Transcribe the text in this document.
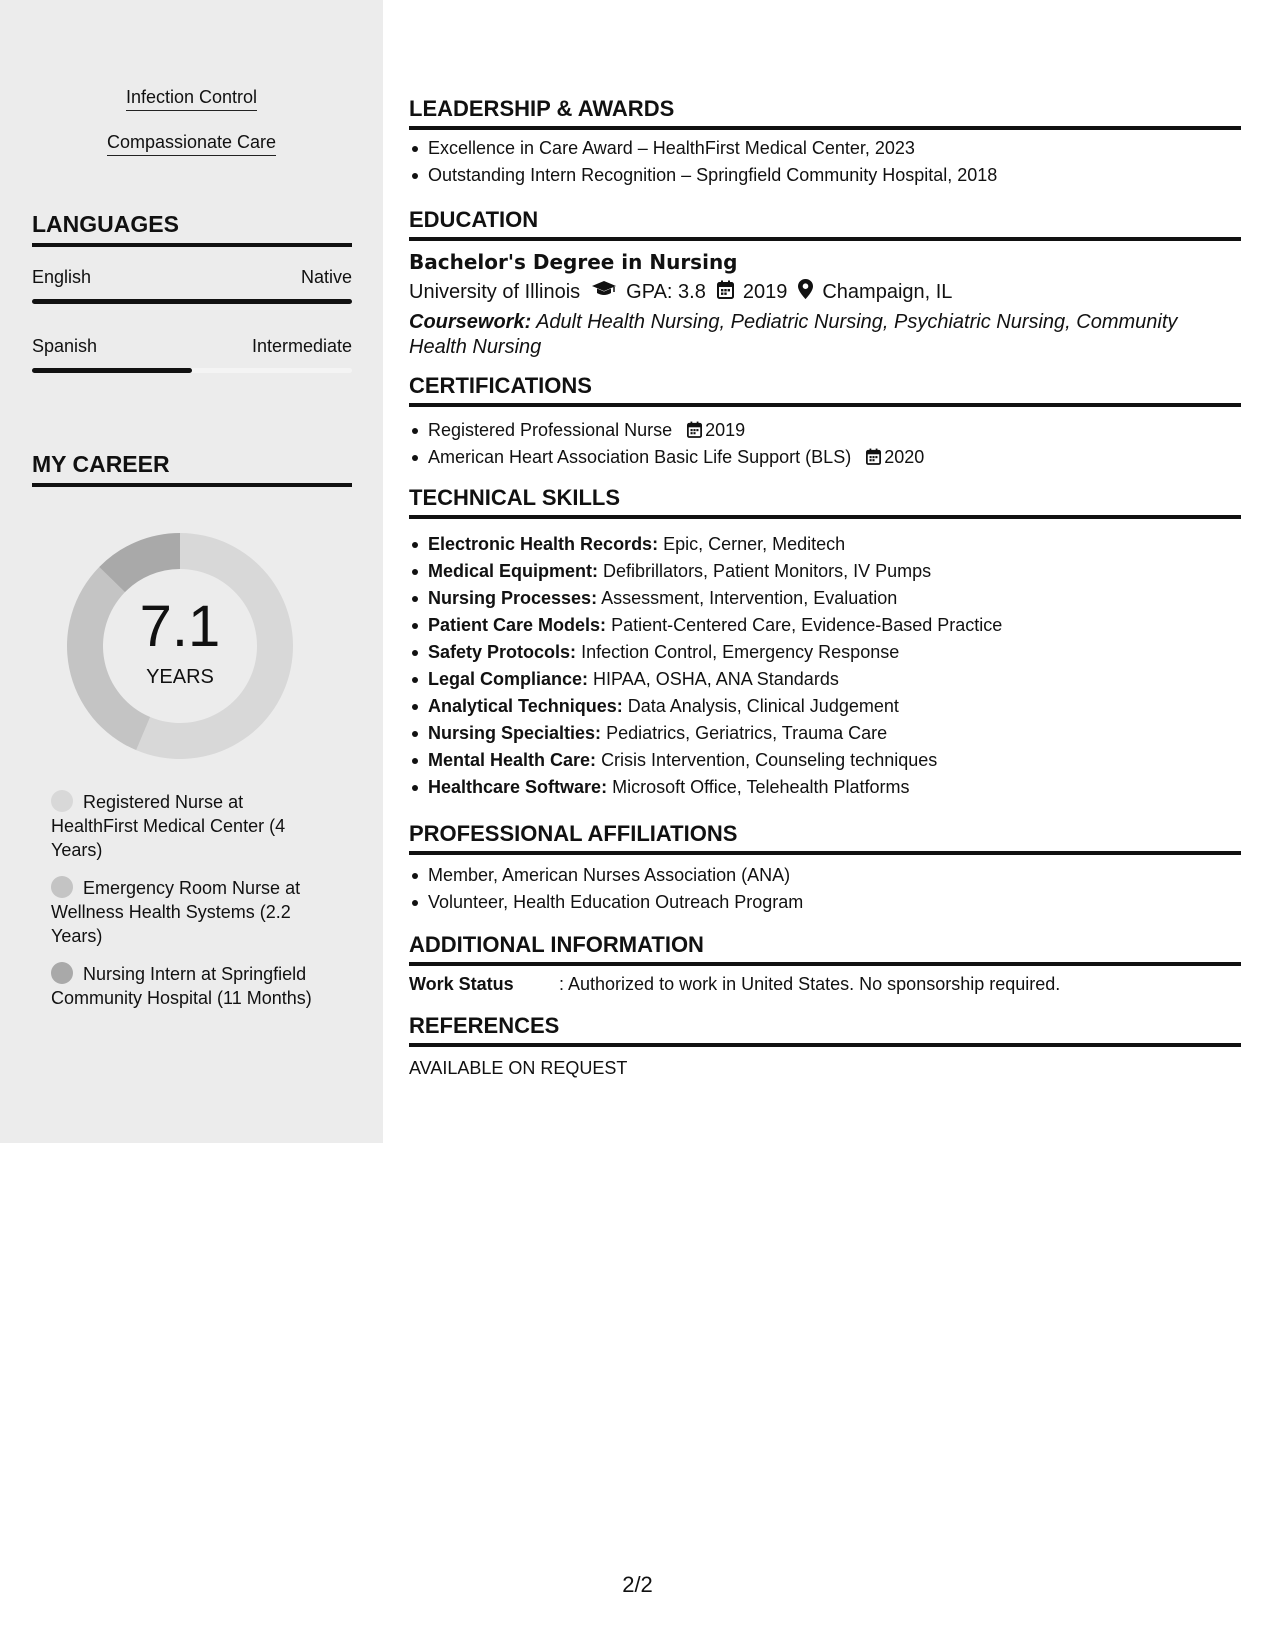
Infection Control
Compassionate Care
LANGUAGES
English	Native
Spanish	Intermediate
MY CAREER
7.1
YEARS
Registered Nurse at HealthFirst Medical Center (4 Years)
Emergency Room Nurse at Wellness Health Systems (2.2 Years)
Nursing Intern at Springfield Community Hospital (11 Months)
LEADERSHIP & AWARDS
Excellence in Care Award – HealthFirst Medical Center, 2023
Outstanding Intern Recognition – Springfield Community Hospital, 2018
EDUCATION
Bachelor's Degree in Nursing
University of Illinois GPA: 3.8 2019 Champaign, IL
Coursework: Adult Health Nursing, Pediatric Nursing, Psychiatric Nursing, Community Health Nursing
CERTIFICATIONS
Registered Professional Nurse 2019
American Heart Association Basic Life Support (BLS) 2020
TECHNICAL SKILLS
Electronic Health Records: Epic, Cerner, Meditech
Medical Equipment: Defibrillators, Patient Monitors, IV Pumps
Nursing Processes: Assessment, Intervention, Evaluation
Patient Care Models: Patient-Centered Care, Evidence-Based Practice
Safety Protocols: Infection Control, Emergency Response
Legal Compliance: HIPAA, OSHA, ANA Standards
Analytical Techniques: Data Analysis, Clinical Judgement
Nursing Specialties: Pediatrics, Geriatrics, Trauma Care
Mental Health Care: Crisis Intervention, Counseling techniques
Healthcare Software: Microsoft Office, Telehealth Platforms
PROFESSIONAL AFFILIATIONS
Member, American Nurses Association (ANA)
Volunteer, Health Education Outreach Program
ADDITIONAL INFORMATION
Work Status	: Authorized to work in United States. No sponsorship required.
REFERENCES
AVAILABLE ON REQUEST
2/2
